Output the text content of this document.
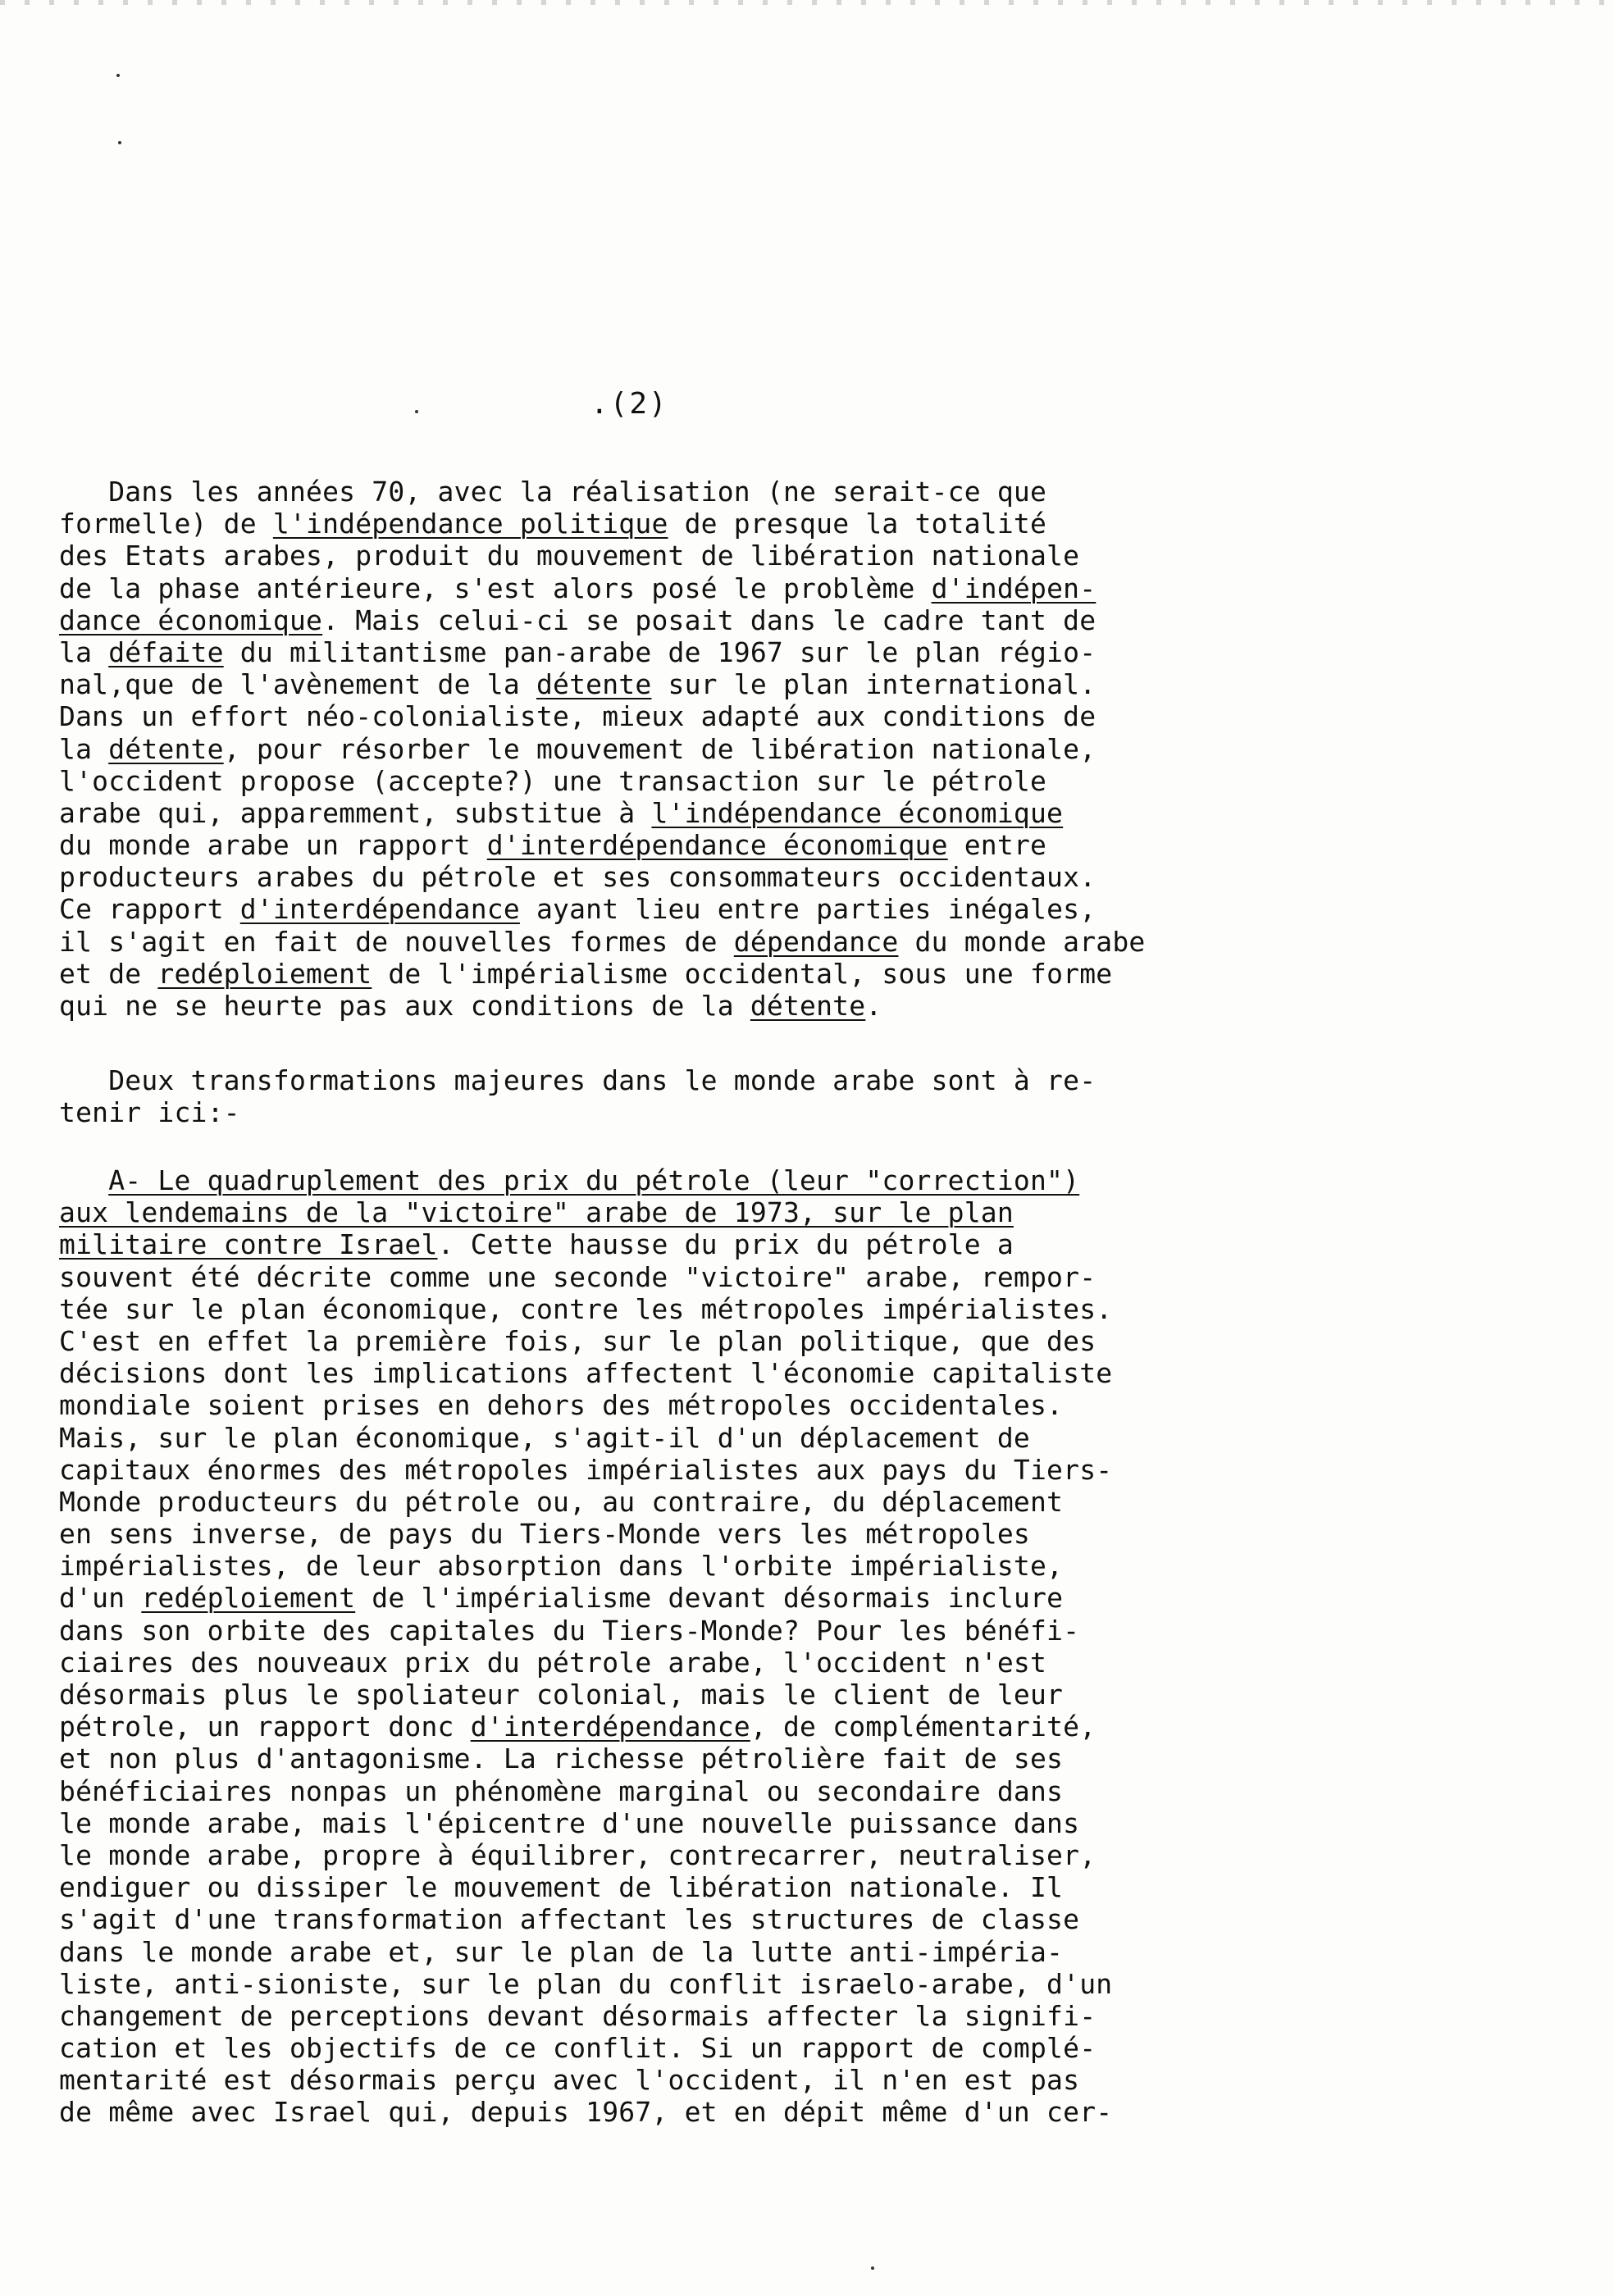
.(2)
Dans les années 70, avec la réalisation (ne serait-ce que
formelle) de l'indépendance politique de presque la totalité
des Etats arabes, produit du mouvement de libération nationale
de la phase antérieure, s'est alors posé le problème d'indépen-
dance économique. Mais celui-ci se posait dans le cadre tant de
la défaite du militantisme pan-arabe de 1967 sur le plan régio-
nal,que de l'avènement de la détente sur le plan international.
Dans un effort néo-colonialiste, mieux adapté aux conditions de
la détente, pour résorber le mouvement de libération nationale,
l'occident propose (accepte?) une transaction sur le pétrole
arabe qui, apparemment, substitue à l'indépendance économique
du monde arabe un rapport d'interdépendance économique entre
producteurs arabes du pétrole et ses consommateurs occidentaux.
Ce rapport d'interdépendance ayant lieu entre parties inégales,
il s'agit en fait de nouvelles formes de dépendance du monde arabe
et de redéploiement de l'impérialisme occidental, sous une forme
qui ne se heurte pas aux conditions de la détente.
Deux transformations majeures dans le monde arabe sont à re-
tenir ici:-
A- Le quadruplement des prix du pétrole (leur "correction")
aux lendemains de la "victoire" arabe de 1973, sur le plan
militaire contre Israel. Cette hausse du prix du pétrole a
souvent été décrite comme une seconde "victoire" arabe, rempor-
tée sur le plan économique, contre les métropoles impérialistes.
C'est en effet la première fois, sur le plan politique, que des
décisions dont les implications affectent l'économie capitaliste
mondiale soient prises en dehors des métropoles occidentales.
Mais, sur le plan économique, s'agit-il d'un déplacement de
capitaux énormes des métropoles impérialistes aux pays du Tiers-
Monde producteurs du pétrole ou, au contraire, du déplacement
en sens inverse, de pays du Tiers-Monde vers les métropoles
impérialistes, de leur absorption dans l'orbite impérialiste,
d'un redéploiement de l'impérialisme devant désormais inclure
dans son orbite des capitales du Tiers-Monde? Pour les bénéfi-
ciaires des nouveaux prix du pétrole arabe, l'occident n'est
désormais plus le spoliateur colonial, mais le client de leur
pétrole, un rapport donc d'interdépendance, de complémentarité,
et non plus d'antagonisme. La richesse pétrolière fait de ses
bénéficiaires nonpas un phénomène marginal ou secondaire dans
le monde arabe, mais l'épicentre d'une nouvelle puissance dans
le monde arabe, propre à équilibrer, contrecarrer, neutraliser,
endiguer ou dissiper le mouvement de libération nationale. Il
s'agit d'une transformation affectant les structures de classe
dans le monde arabe et, sur le plan de la lutte anti-impéria-
liste, anti-sioniste, sur le plan du conflit israelo-arabe, d'un
changement de perceptions devant désormais affecter la signifi-
cation et les objectifs de ce conflit. Si un rapport de complé-
mentarité est désormais perçu avec l'occident, il n'en est pas
de même avec Israel qui, depuis 1967, et en dépit même d'un cer-
